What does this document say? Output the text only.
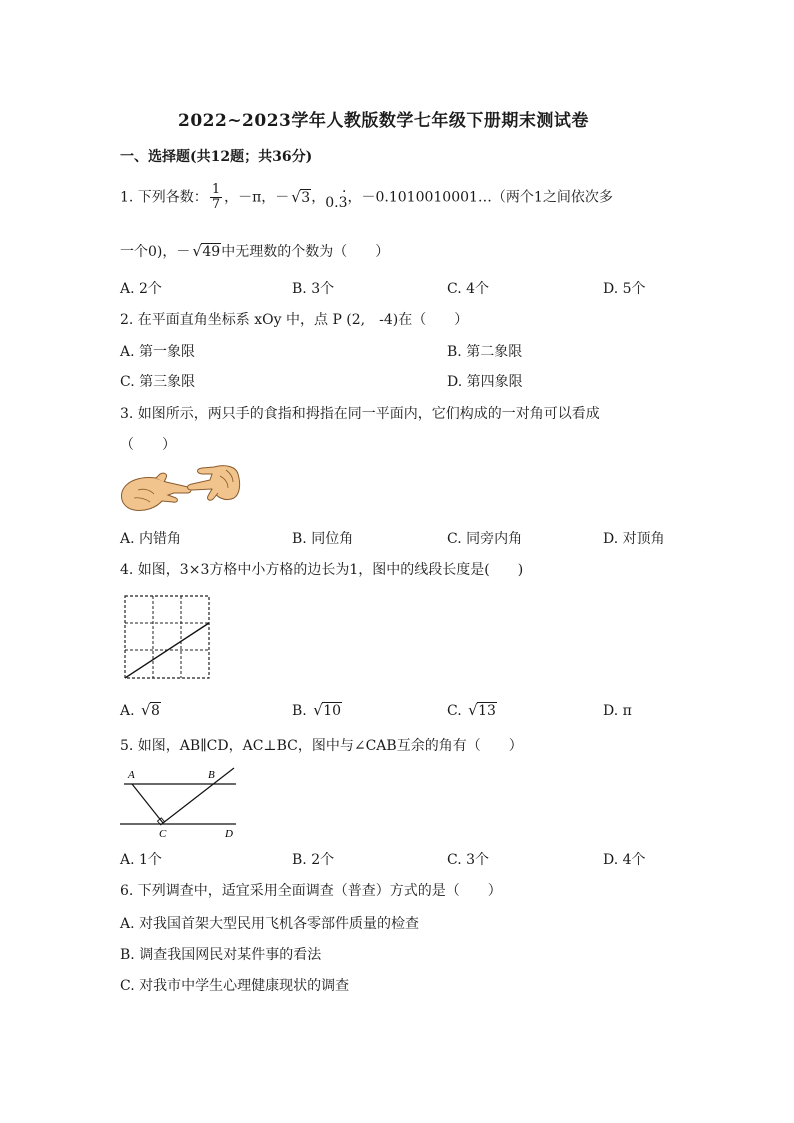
2022~2023学年人教版数学七年级下册期末测试卷
一、选择题(共12题；共36分)
1. 下列各数： $\frac{1}{7}$ ，－π，－ √ 3，0.3 ·，－0.1010010001…（两个1之间依次多
一个0)，－ √ 49中无理数的个数为（　　）
A. 2个	B. 3个	C. 4个	D. 5个
2. 在平面直角坐标系 xOy 中，点 P (2,　-4)在（　　）
A. 第一象限	B. 第二象限
C. 第三象限	D. 第四象限
3. 如图所示，两只手的食指和拇指在同一平面内，它们构成的一对角可以看成
（　　）
A. 内错角	B. 同位角	C. 同旁内角	D. 对顶角
4. 如图，3×3方格中小方格的边长为1，图中的线段长度是(　　)
A. √ 8	B. √ 10	C. √ 13	D. π
5. 如图，AB∥CD，AC⊥BC，图中与∠CAB互余的角有（　　）
A	B
C	D
A. 1个	B. 2个	C. 3个	D. 4个
6. 下列调查中，适宜采用全面调查（普查）方式的是（　　）
A. 对我国首架大型民用飞机各零部件质量的检查
B. 调查我国网民对某件事的看法
C. 对我市中学生心理健康现状的调查
